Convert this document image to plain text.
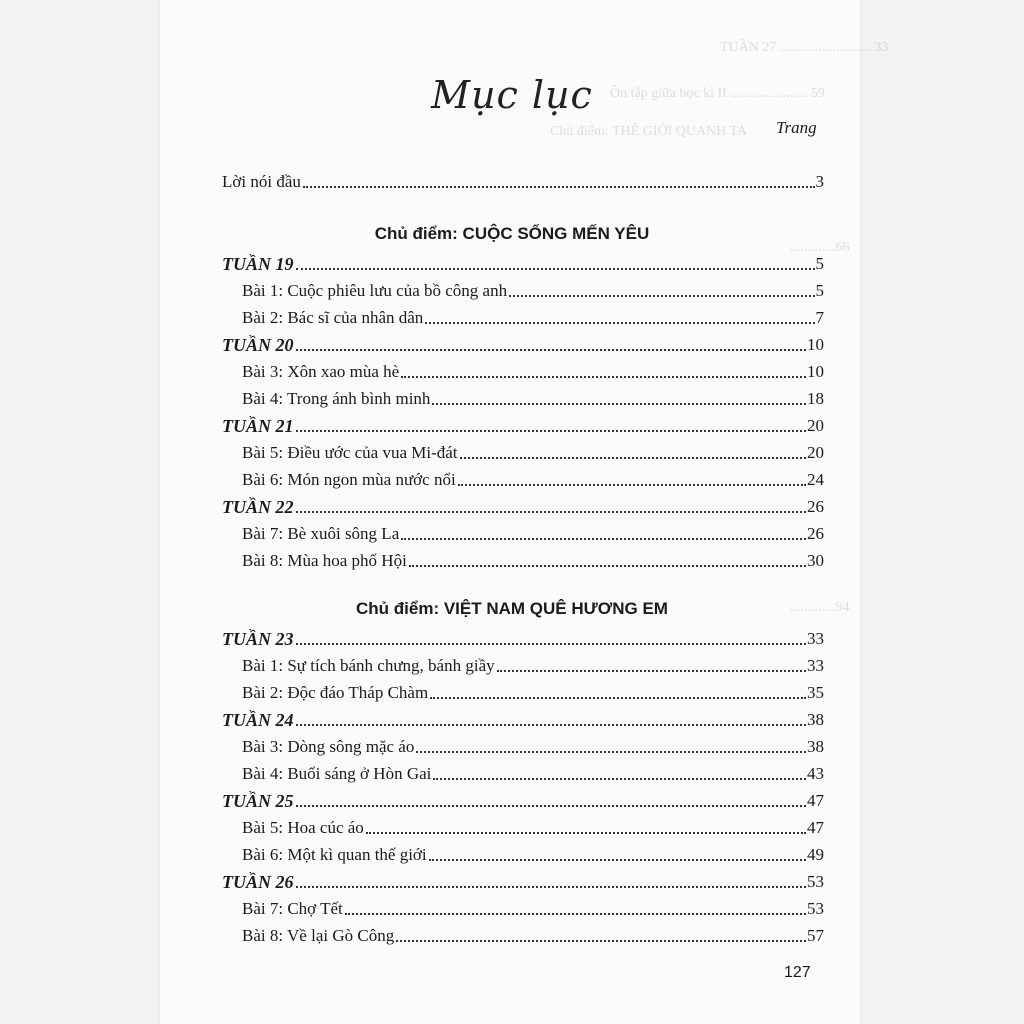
TUẦN 27 .......................... 33
Ôn tập giữa học kì II ...................... 59
Chủ điểm: THẾ GIỚI QUANH TA
.............66
.............94
Mục lục
Trang
Lời nói đầu	3
Chủ điểm: CUỘC SỐNG MẾN YÊU
TUẦN 19	5
Bài 1: Cuộc phiêu lưu của bồ công anh	5
Bài 2: Bác sĩ của nhân dân	7
TUẦN 20	10
Bài 3: Xôn xao mùa hè	10
Bài 4: Trong ánh bình minh	18
TUẦN 21	20
Bài 5: Điều ước của vua Mi-đát	20
Bài 6: Món ngon mùa nước nổi	24
TUẦN 22	26
Bài 7: Bè xuôi sông La	26
Bài 8: Mùa hoa phố Hội	30
Chủ điểm: VIỆT NAM QUÊ HƯƠNG EM
TUẦN 23	33
Bài 1: Sự tích bánh chưng, bánh giầy	33
Bài 2: Độc đáo Tháp Chàm	35
TUẦN 24	38
Bài 3: Dòng sông mặc áo	38
Bài 4: Buổi sáng ở Hòn Gai	43
TUẦN 25	47
Bài 5: Hoa cúc áo	47
Bài 6: Một kì quan thế giới	49
TUẦN 26	53
Bài 7: Chợ Tết	53
Bài 8: Về lại Gò Công	57
127
